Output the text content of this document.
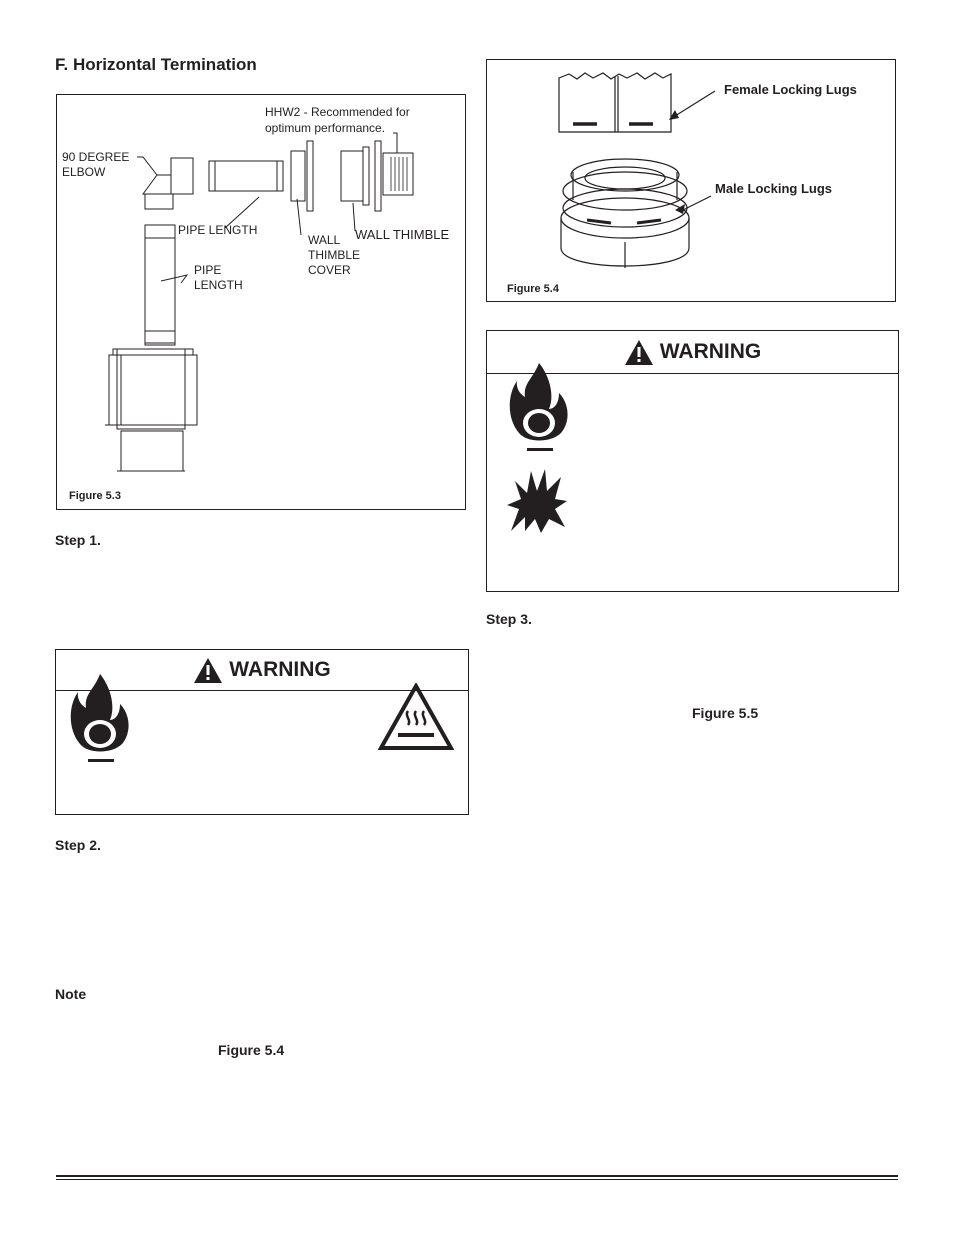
F. Horizontal Termination
HHW2 - Recommended for
optimum performance.
90 DEGREE
ELBOW
PIPE LENGTH
PIPE
LENGTH
WALL
THIMBLE
COVER
WALL THIMBLE
Figure 5.3
Step 1.
WARNING
Step 2.
Note
Figure 5.4
Female Locking Lugs
Male Locking Lugs
Figure 5.4
WARNING
Step 3.
Figure 5.5
